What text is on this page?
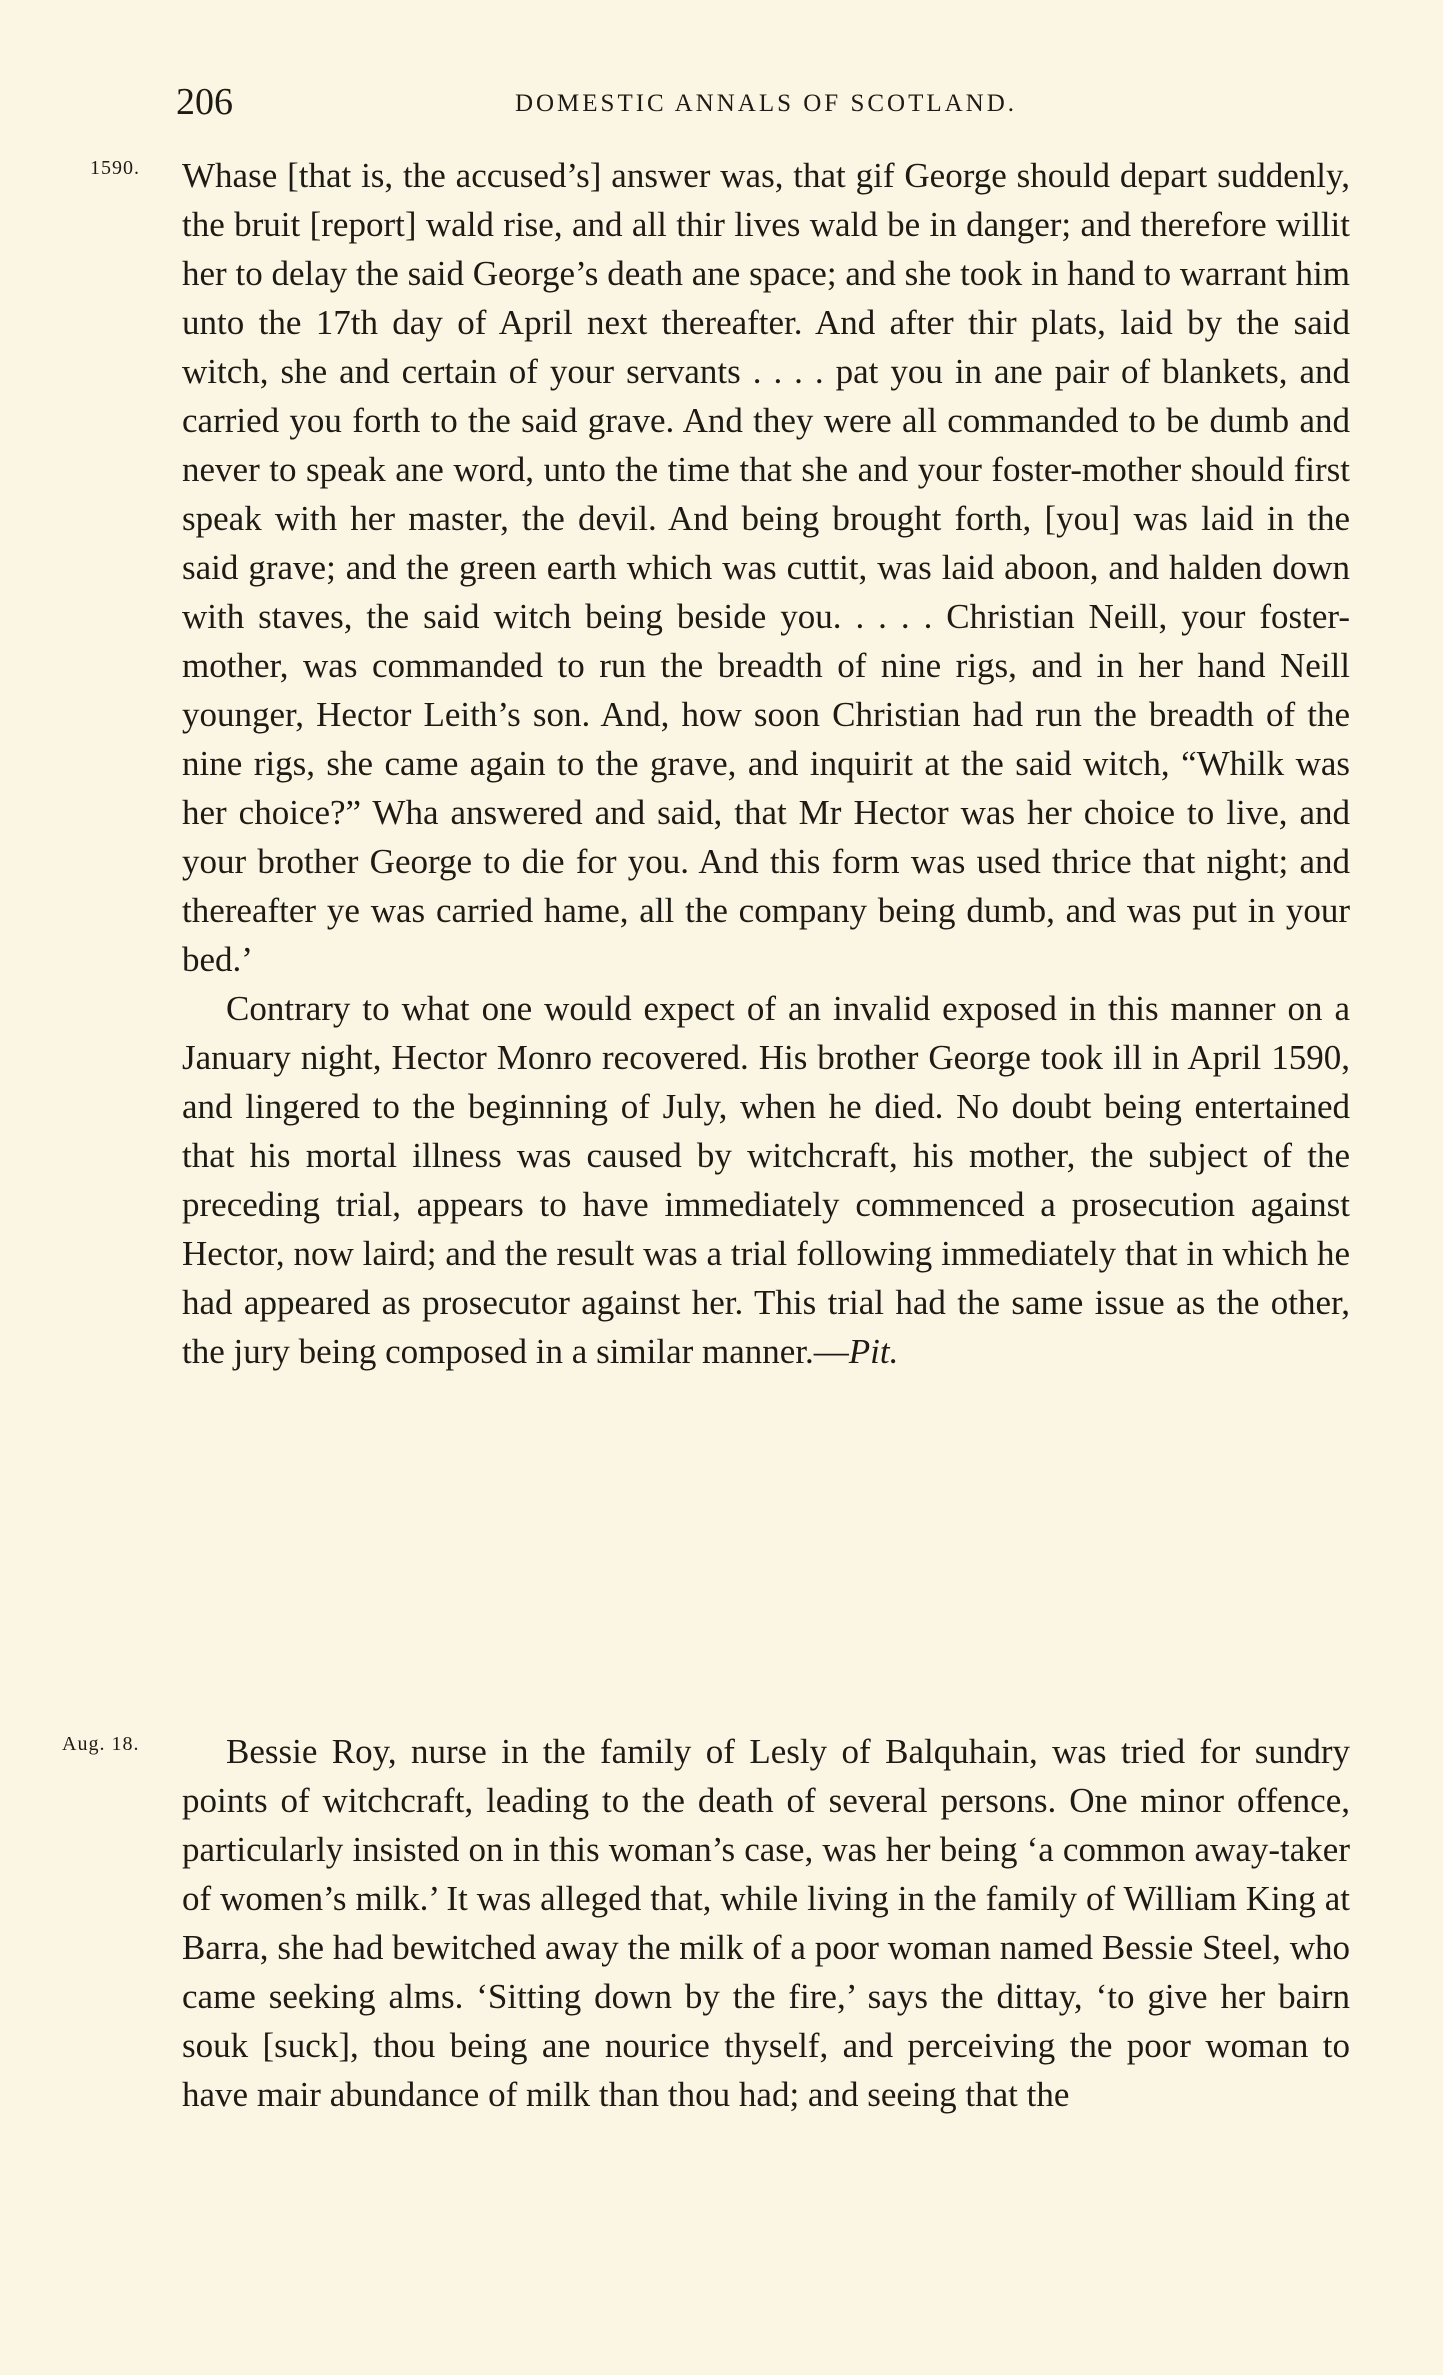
206	DOMESTIC ANNALS OF SCOTLAND.
1590. Whase [that is, the accused’s] answer was, that gif George should depart suddenly, the bruit [report] wald rise, and all thir lives wald be in danger; and therefore willit her to delay the said George’s death ane space; and she took in hand to warrant him unto the 17th day of April next thereafter. And after thir plats, laid by the said witch, she and certain of your servants . . . . pat you in ane pair of blankets, and carried you forth to the said grave. And they were all commanded to be dumb and never to speak ane word, unto the time that she and your foster-mother should first speak with her master, the devil. And being brought forth, [you] was laid in the said grave; and the green earth which was cuttit, was laid aboon, and halden down with staves, the said witch being beside you. . . . . Christian Neill, your foster-mother, was commanded to run the breadth of nine rigs, and in her hand Neill younger, Hector Leith’s son. And, how soon Christian had run the breadth of the nine rigs, she came again to the grave, and inquirit at the said witch, “Whilk was her choice?” Wha answered and said, that Mr Hector was her choice to live, and your brother George to die for you. And this form was used thrice that night; and thereafter ye was carried hame, all the company being dumb, and was put in your bed.’

Contrary to what one would expect of an invalid exposed in this manner on a January night, Hector Monro recovered. His brother George took ill in April 1590, and lingered to the beginning of July, when he died. No doubt being entertained that his mortal illness was caused by witchcraft, his mother, the subject of the preceding trial, appears to have immediately commenced a prosecution against Hector, now laird; and the result was a trial following immediately that in which he had appeared as prosecutor against her. This trial had the same issue as the other, the jury being composed in a similar manner.—Pit.

Aug. 18.	Bessie Roy, nurse in the family of Lesly of Balquhain, was tried for sundry points of witchcraft, leading to the death of several persons. One minor offence, particularly insisted on in this woman’s case, was her being ‘a common away-taker of women’s milk.’ It was alleged that, while living in the family of William King at Barra, she had bewitched away the milk of a poor woman named Bessie Steel, who came seeking alms. ‘Sitting down by the fire,’ says the dittay, ‘to give her bairn souk [suck], thou being ane nourice thyself, and perceiving the poor woman to have mair abundance of milk than thou had; and seeing that the
